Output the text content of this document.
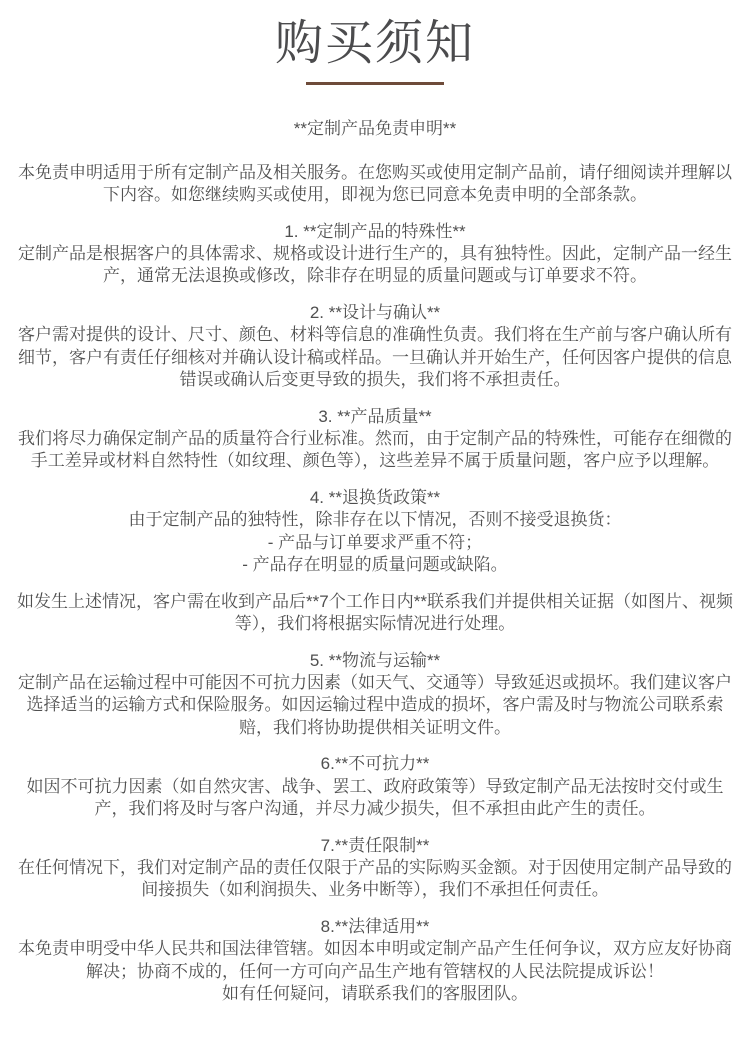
购买须知
**定制产品免责申明**

本免责申明适用于所有定制产品及相关服务。在您购买或使用定制产品前，请仔细阅读并理解以下内容。如您继续购买或使用，即视为您已同意本免责申明的全部条款。

1. **定制产品的特殊性**
定制产品是根据客户的具体需求、规格或设计进行生产的，具有独特性。因此，定制产品一经生产，通常无法退换或修改，除非存在明显的质量问题或与订单要求不符。
2. **设计与确认**
客户需对提供的设计、尺寸、颜色、材料等信息的准确性负责。我们将在生产前与客户确认所有细节，客户有责任仔细核对并确认设计稿或样品。一旦确认并开始生产，任何因客户提供的信息错误或确认后变更导致的损失，我们将不承担责任。
3. **产品质量**
我们将尽力确保定制产品的质量符合行业标准。然而，由于定制产品的特殊性，可能存在细微的手工差异或材料自然特性（如纹理、颜色等），这些差异不属于质量问题，客户应予以理解。
4. **退换货政策**
由于定制产品的独特性，除非存在以下情况，否则不接受退换货：
- 产品与订单要求严重不符；
- 产品存在明显的质量问题或缺陷。
如发生上述情况，客户需在收到产品后**7个工作日内**联系我们并提供相关证据（如图片、视频等），我们将根据实际情况进行处理。
5. **物流与运输**
定制产品在运输过程中可能因不可抗力因素（如天气、交通等）导致延迟或损坏。我们建议客户选择适当的运输方式和保险服务。如因运输过程中造成的损坏，客户需及时与物流公司联系索赔，我们将协助提供相关证明文件。
6.**不可抗力**
如因不可抗力因素（如自然灾害、战争、罢工、政府政策等）导致定制产品无法按时交付或生产，我们将及时与客户沟通，并尽力减少损失，但不承担由此产生的责任。
7.**责任限制**
在任何情况下，我们对定制产品的责任仅限于产品的实际购买金额。对于因使用定制产品导致的间接损失（如利润损失、业务中断等），我们不承担任何责任。
8.**法律适用**
本免责申明受中华人民共和国法律管辖。如因本申明或定制产品产生任何争议，双方应友好协商解决；协商不成的，任何一方可向产品生产地有管辖权的人民法院提成诉讼！
如有任何疑问，请联系我们的客服团队。
